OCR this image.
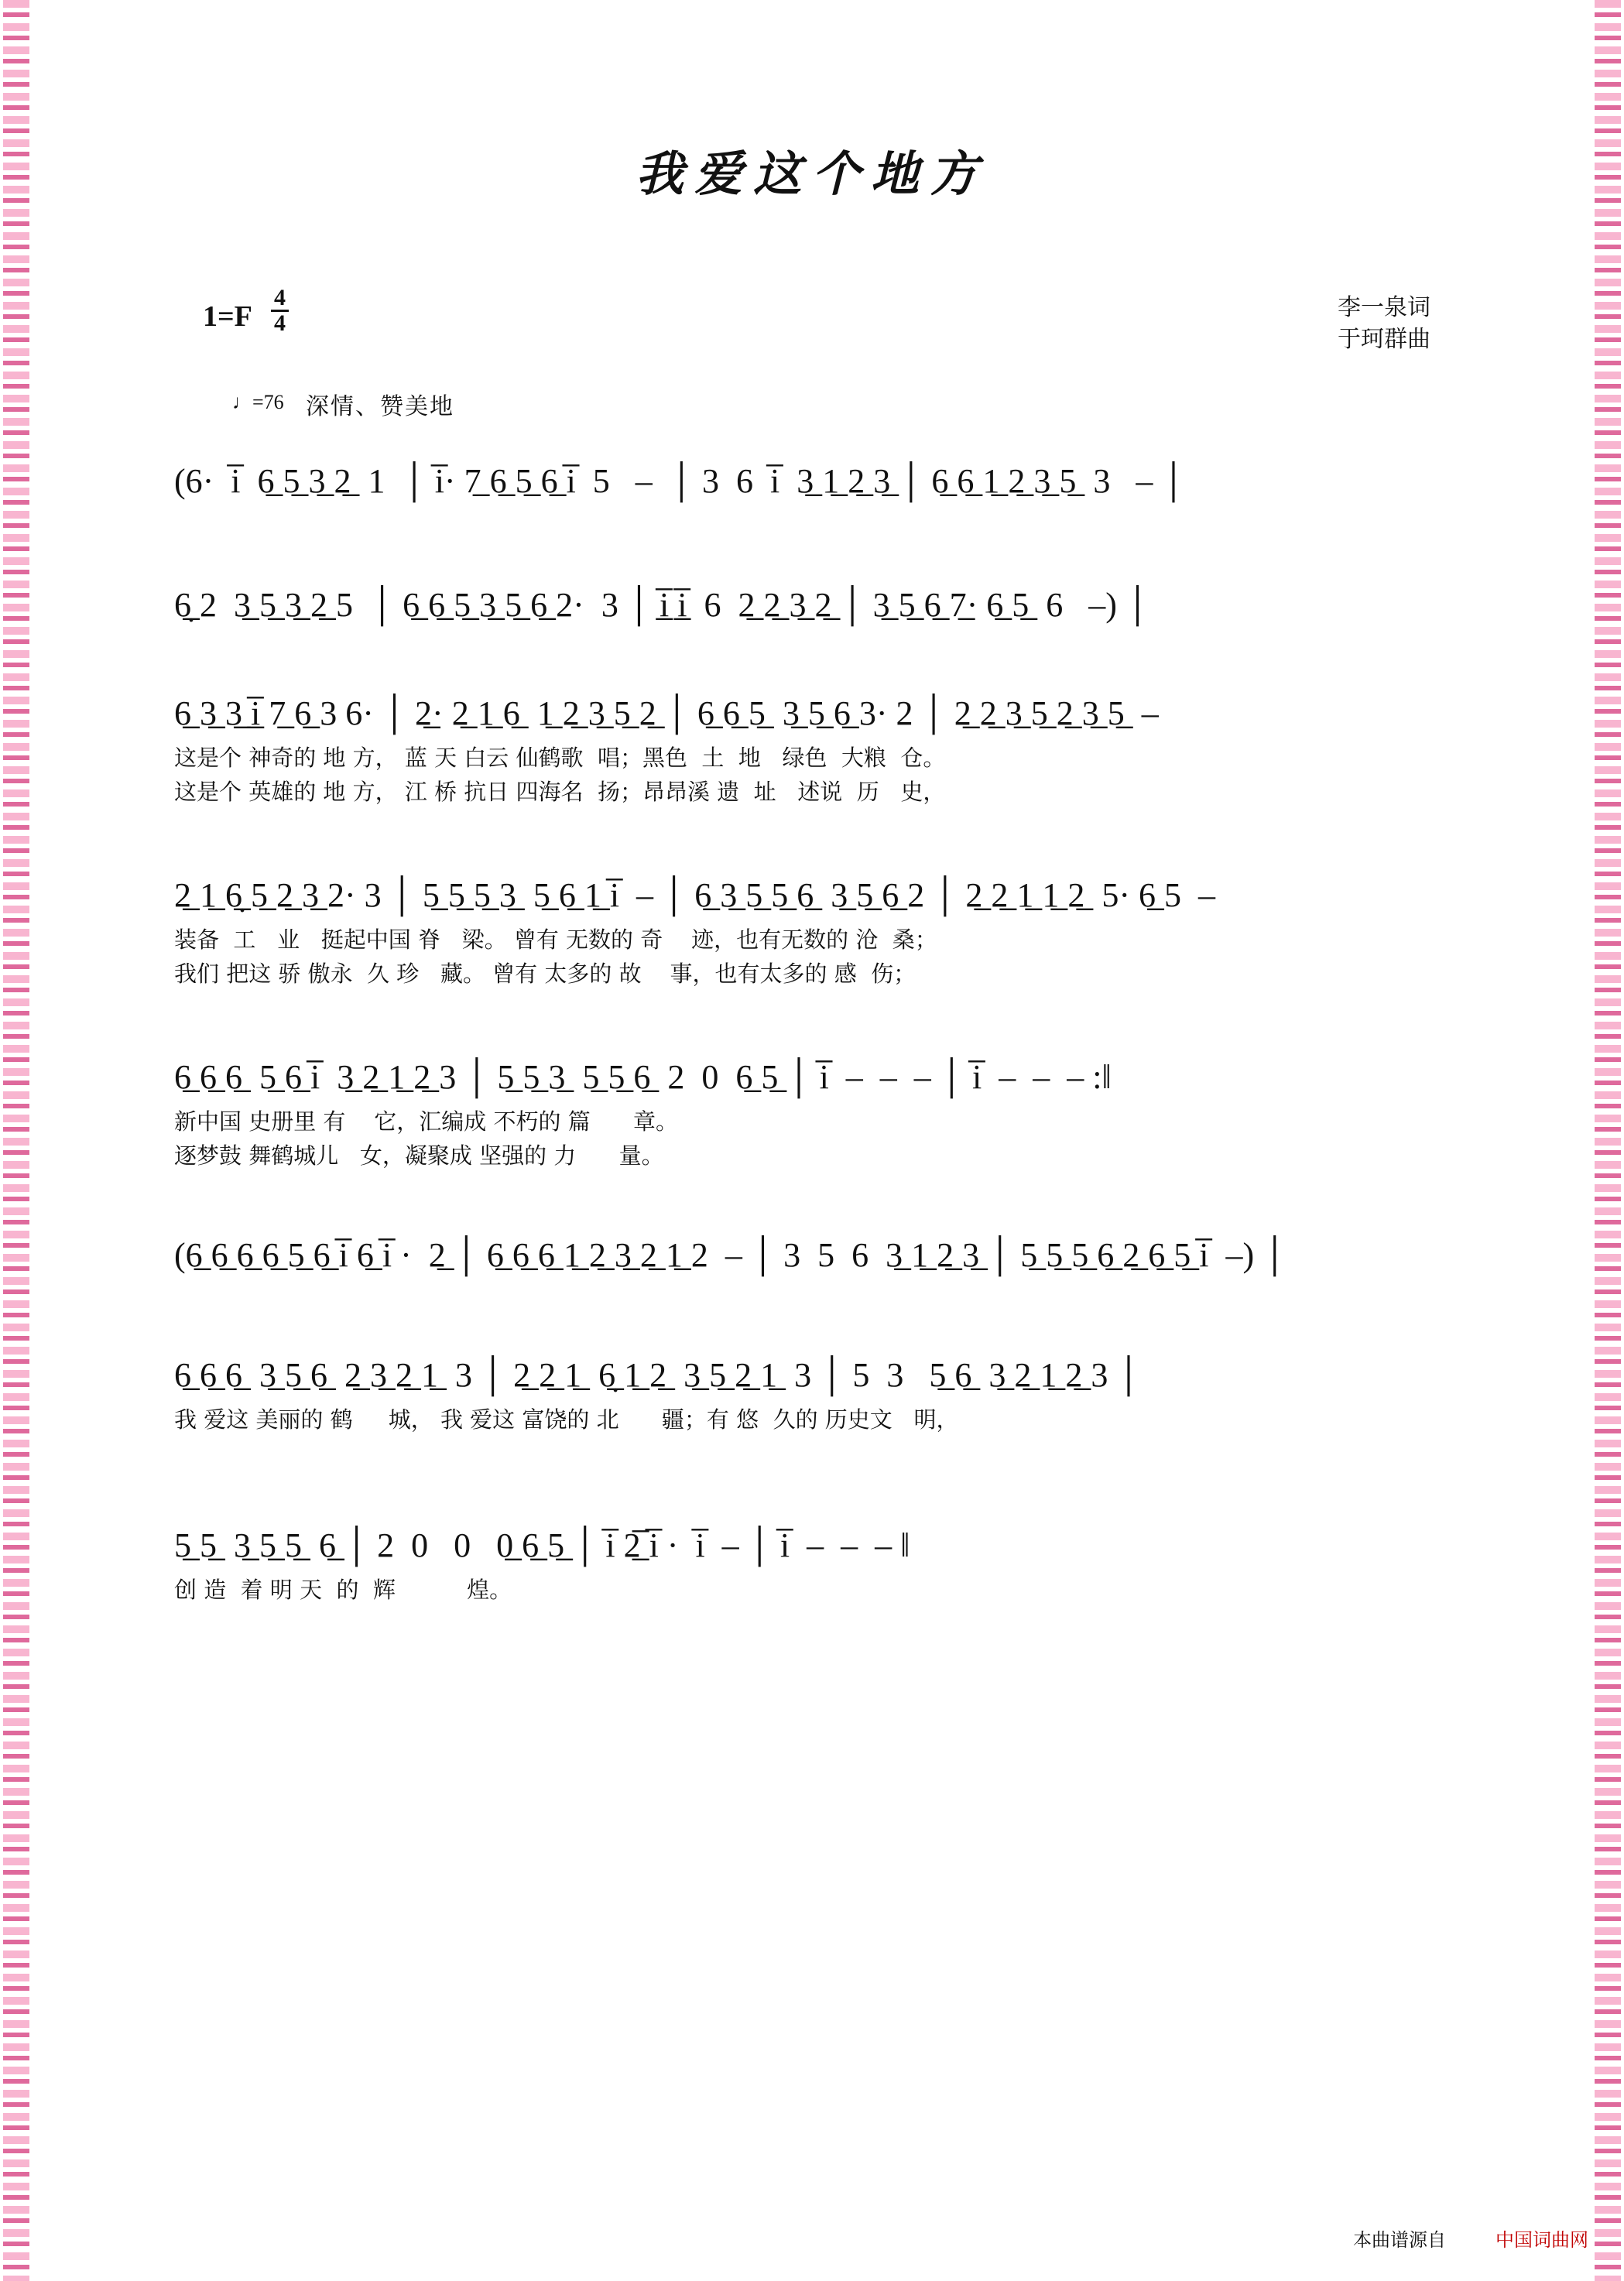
我爱这个地方
$1=F \frac{4}{4}$	李一泉词
于珂群曲
♩=76 深情、赞美地
(6·  i̅  6̲ 5̲ 3̲ 2̲  1  │ i̅· 7̲ 6̲ 5̲ 6̲ i̅  5   –  │ 3  6  i̅  3̲ 1̲ 2̲ 3̲ │ 6̲ 6̲ 1̲ 2̲ 3̲ 5̲  3   – │
6̣̲ 2  3̲ 5̲ 3̲ 2̲ 5  │ 6̲ 6̲ 5̲ 3̲ 5̲ 6̲ 2·  3 │ i̲̅ i̲̅  6  2̲ 2̲ 3̲ 2̲ │ 3̲ 5̲ 6̲ 7̲· 6̲ 5̲  6   –) │
6̲ 3̲ 3̲ i̲̅ 7̲ 6̲ 3 6· │ 2̲· 2̲ 1̲ 6̲  1̲ 2̲ 3̲ 5̲ 2̲ │ 6̲ 6̲ 5̲  3̲ 5̲ 6̲ 3· 2 │ 2̲ 2̲ 3̲ 5̲ 2̲ 3̲ 5̲  –
这是个 神奇的 地 方， 蓝 天 白云 仙鹤歌  唱；黑色  土  地   绿色  大粮  仓。
这是个 英雄的 地 方， 江 桥 抗日 四海名  扬；昂昂溪 遗  址   述说  历   史，
2̲ 1̲ 6̣̲ 5̲ 2̲ 3̲ 2· 3 │ 5̲ 5̲ 5̲ 3̲  5̲ 6̲ 1̲ i̅  – │ 6̲ 3̲ 5̲ 5̲ 6̲  3̲ 5̲ 6̲ 2 │ 2̲ 2̲ 1̲ 1̲ 2̲  5· 6̲ 5  –
装备  工   业   挺起中国 脊   梁。 曾有 无数的 奇    迹，也有无数的 沧  桑；
我们 把这 骄 傲永  久 珍   藏。 曾有 太多的 故    事，也有太多的 感  伤；
6̲ 6̲ 6̲  5̲ 6̲ i̅  3̲ 2̲ 1̲ 2̲ 3 │ 5̲ 5̲ 3̲  5̲ 5̲ 6̲  2  0  6̲ 5̲ │ i̅  –  –  – │ i̅  –  –  – :‖
新中国 史册里 有    它，汇编成 不朽的 篇      章。
逐梦鼓 舞鹤城儿   女，凝聚成 坚强的 力      量。
(6̲ 6̲ 6̲ 6̲ 5̲ 6̲ i̅ 6̲ i̅ ·  2̲ │ 6̲ 6̲ 6̲ 1̲ 2̲ 3̲ 2̲ 1̲ 2  – │ 3  5  6  3̲ 1̲ 2̲ 3̲ │ 5̲ 5̲ 5̲ 6̲ 2̲ 6̲ 5̲ i̅  –) │
6̲ 6̲ 6̲  3̲ 5̲ 6̲  2̲ 3̲ 2̲ 1̲  3 │ 2̲ 2̲ 1̲  6̣̲ 1̲ 2̲  3̲ 5̲ 2̲ 1̲  3 │ 5  3   5̲ 6̲  3̲ 2̲ 1̲ 2̲ 3 │
我 爱这 美丽的 鹤     城， 我 爱这 富饶的 北      疆；有 悠  久的 历史文   明，
5̲ 5̲  3̲ 5̲ 5̲  6̲ │ 2  0   0   0̲ 6̲ 5̲ │ i̅ 2̲̅ i̅ ·  i̅  – │ i̅  –  –  – ‖
创 造  着 明 天  的  辉          煌。
本曲谱源自	中国词曲网
